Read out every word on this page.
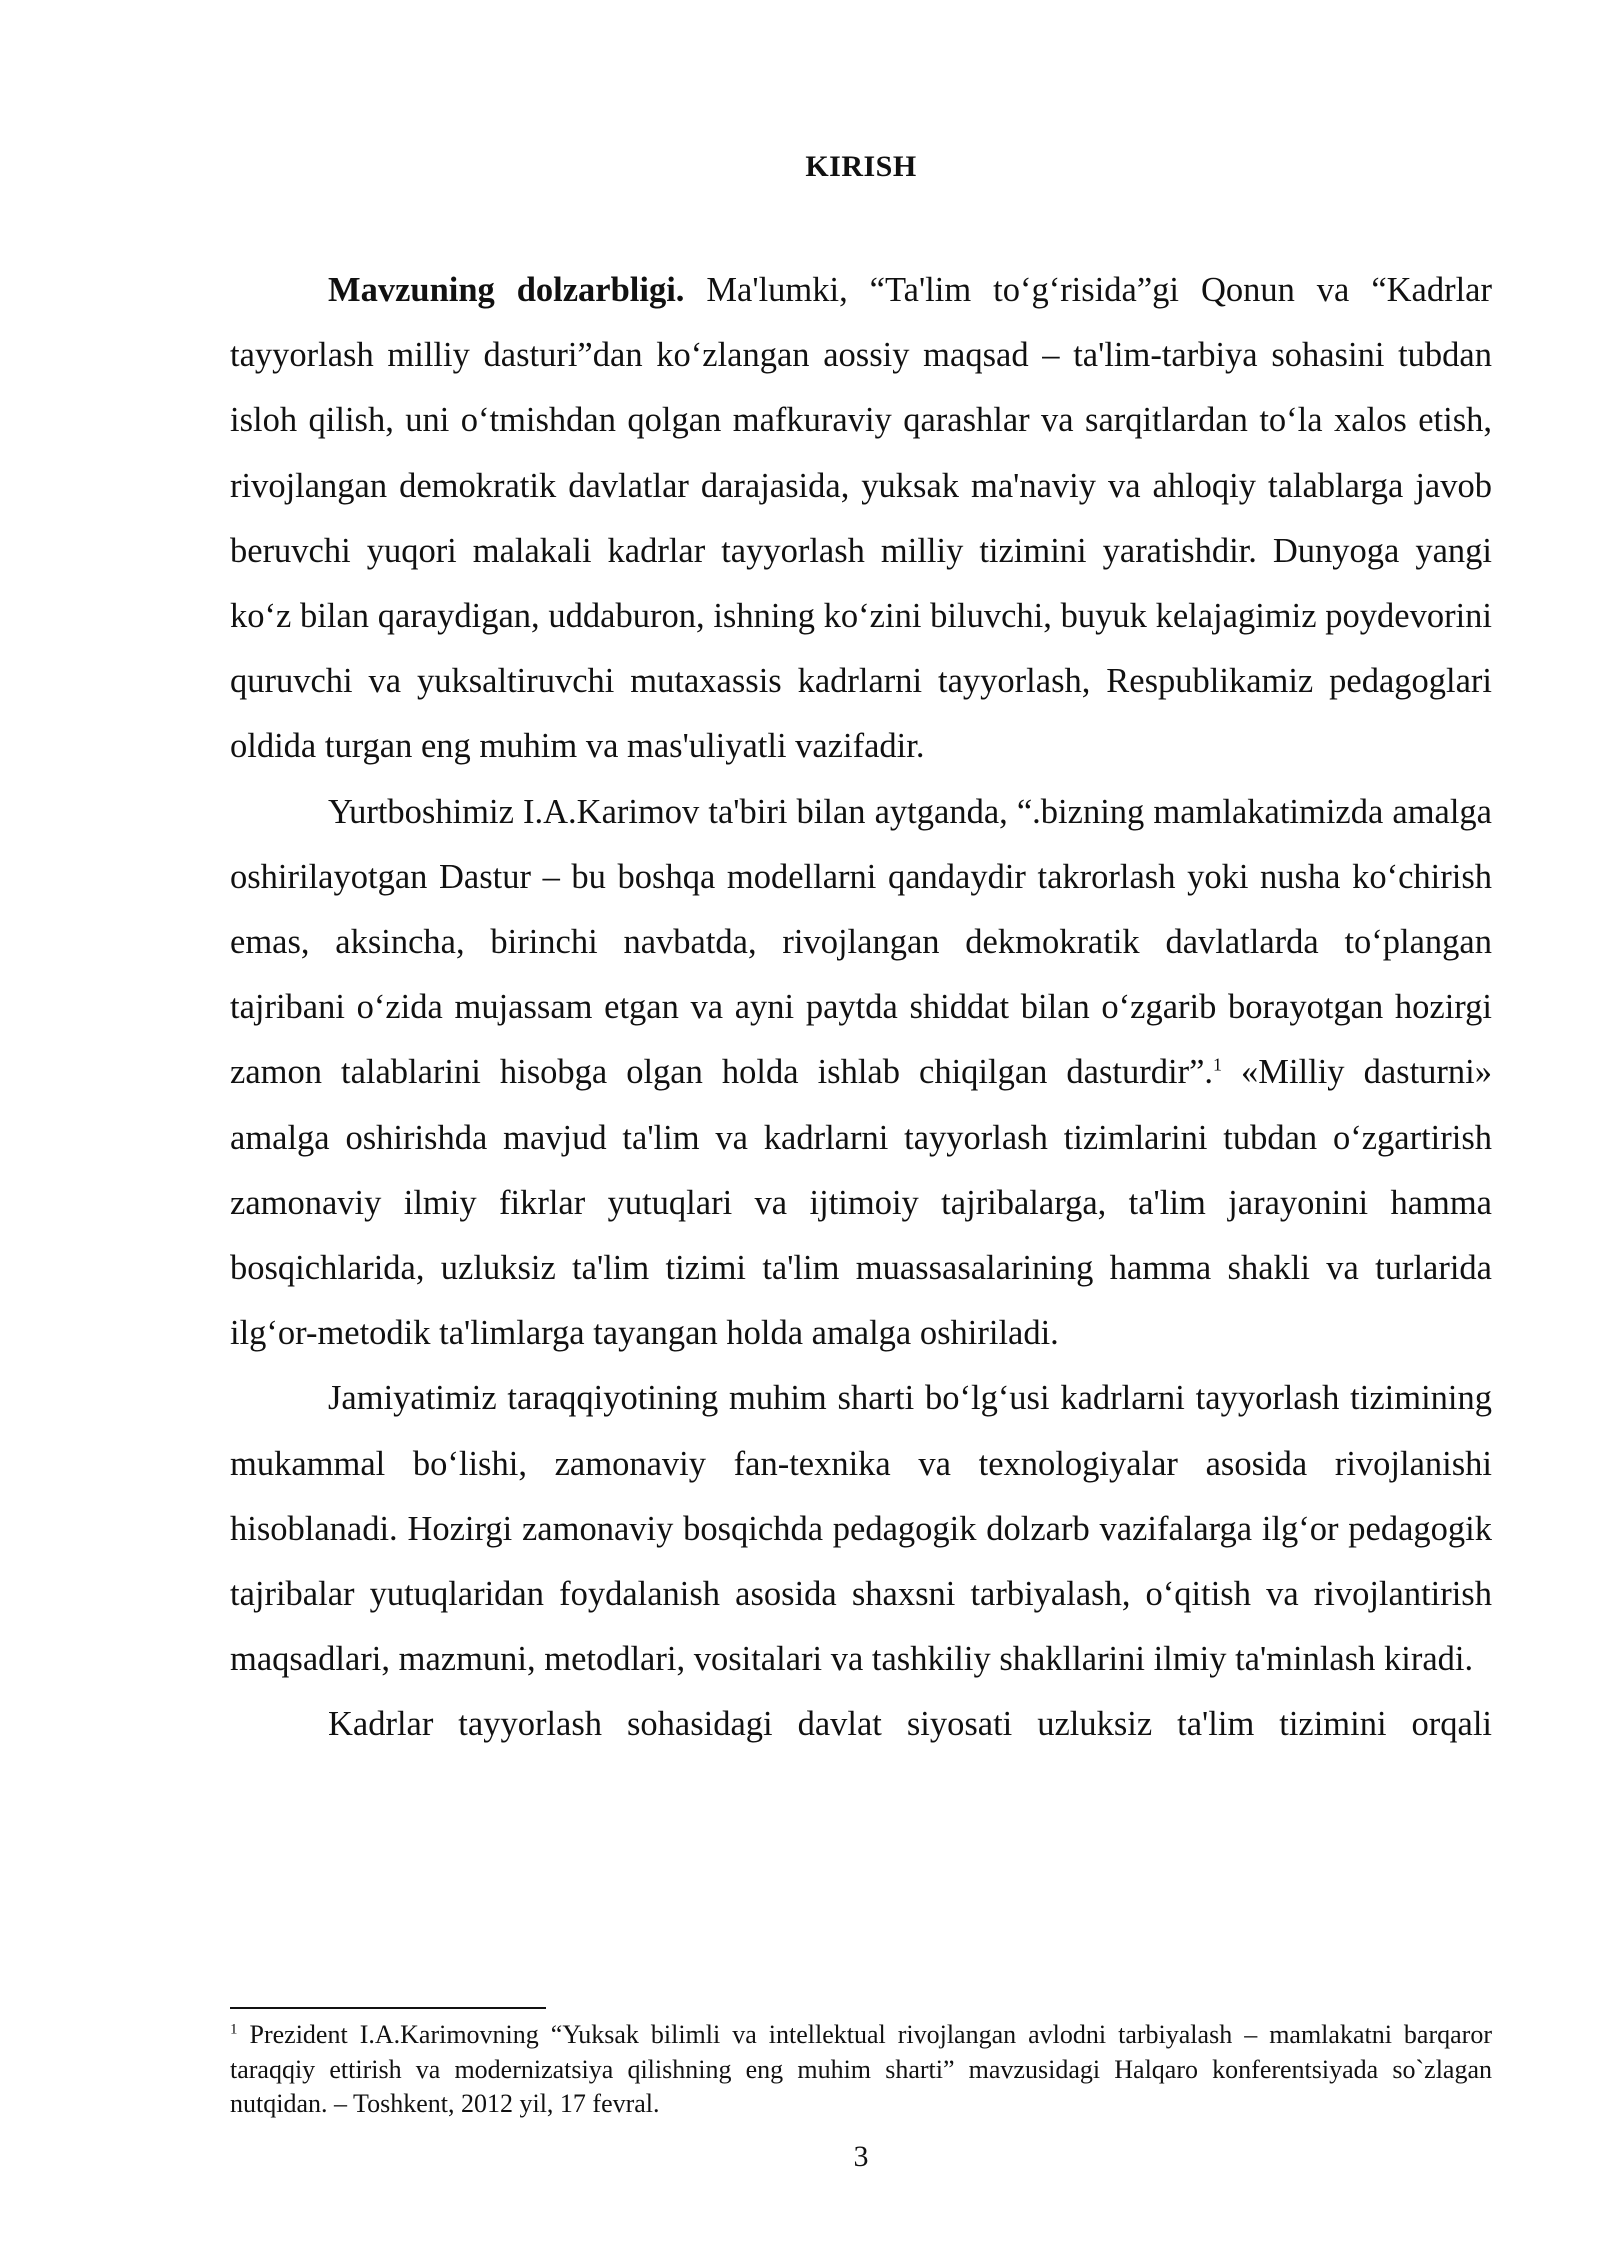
KIRISH

Mavzuning dolzarbligi. Ma'lumki, “Ta'lim to‘g‘risida”gi Qonun va “Kadrlar tayyorlash milliy dasturi”dan ko‘zlangan aossiy maqsad – ta'lim-tarbiya sohasini tubdan isloh qilish, uni o‘tmishdan qolgan mafkuraviy qarashlar va sarqitlardan to‘la xalos etish, rivojlangan demokratik davlatlar darajasida, yuksak ma'naviy va ahloqiy talablarga javob beruvchi yuqori malakali kadrlar tayyorlash milliy tizimini yaratishdir. Dunyoga yangi ko‘z bilan qaraydigan, uddaburon, ishning ko‘zini biluvchi, buyuk kelajagimiz poydevorini quruvchi va yuksaltiruvchi mutaxassis kadrlarni tayyorlash, Respublikamiz pedagoglari oldida turgan eng muhim va mas'uliyatli vazifadir.

Yurtboshimiz I.A.Karimov ta'biri bilan aytganda, “.bizning mamlakatimizda amalga oshirilayotgan Dastur – bu boshqa modellarni qandaydir takrorlash yoki nusha ko‘chirish emas, aksincha, birinchi navbatda, rivojlangan dekmokratik davlatlarda to‘plangan tajribani o‘zida mujassam etgan va ayni paytda shiddat bilan o‘zgarib borayotgan hozirgi zamon talablarini hisobga olgan holda ishlab chiqilgan dasturdir”.$^1$ «Milliy dasturni» amalga oshirishda mavjud ta'lim va kadrlarni tayyorlash tizimlarini tubdan o‘zgartirish zamonaviy ilmiy fikrlar yutuqlari va ijtimoiy tajribalarga, ta'lim jarayonini hamma bosqichlarida, uzluksiz ta'lim tizimi ta'lim muassasalarining hamma shakli va turlarida ilg‘or-metodik ta'limlarga tayangan holda amalga oshiriladi.

Jamiyatimiz taraqqiyotining muhim sharti bo‘lg‘usi kadrlarni tayyorlash tizimining mukammal bo‘lishi, zamonaviy fan-texnika va texnologiyalar asosida rivojlanishi hisoblanadi. Hozirgi zamonaviy bosqichda pedagogik dolzarb vazifalarga ilg‘or pedagogik tajribalar yutuqlaridan foydalanish asosida shaxsni tarbiyalash, o‘qitish va rivojlantirish maqsadlari, mazmuni, metodlari, vositalari va tashkiliy shakllarini ilmiy ta'minlash kiradi.

Kadrlar tayyorlash sohasidagi davlat siyosati uzluksiz ta'lim tizimini orqali

$^1$ Prezident I.A.Karimovning “Yuksak bilimli va intellektual rivojlangan avlodni tarbiyalash – mamlakatni barqaror taraqqiy ettirish va modernizatsiya qilishning eng muhim sharti” mavzusidagi Halqaro konferentsiyada so`zlagan nutqidan. – Toshkent, 2012 yil, 17 fevral.

3
